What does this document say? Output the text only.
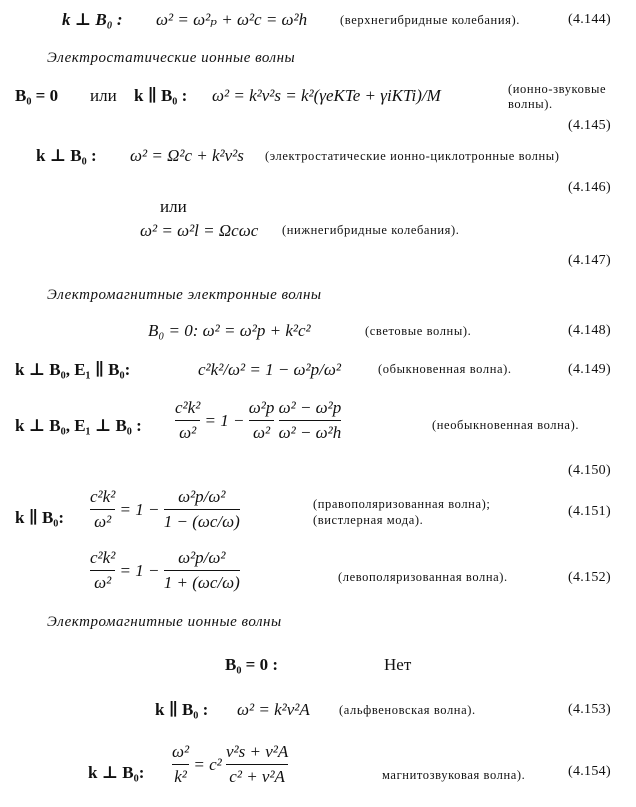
k ⊥ B₀ : ω² = ω²ₚ + ω²c = ω²h	(верхнегибридные колебания).	(4.144)
Электростатические ионные волны
B₀ = 0 или k ∥ B₀ : ω² = k²v²s = k²(γeKTe + γiKTi)/M	(ионно-звуковые
волны).
(4.145)
k ⊥ B₀ : ω² = Ω²c + k²v²s (электростатические ионно-циклотронные волны)
(4.146)
или
ω² = ω²l = Ωcωc (нижнегибридные колебания).
(4.147)
Электромагнитные электронные волны
B₀ = 0: ω² = ω²p + k²c²	(световые волны).	(4.148)
k ⊥ B₀, E₁ ∥ B₀:	c²k²/ω² = 1 − ω²p/ω²	(обыкновенная волна).	(4.149)
k ⊥ B₀, E₁ ⊥ B₀ : $\frac{\text{c²k²}}{\text{ω²}} = 1 - \frac{\text{ω²p}}{\text{ω²}}$
$\frac{\text{ω² − ω²p}}{\text{ω² − ω²h}}$	(необыкновенная волна).
(4.150)
k ∥ B₀: $\frac{\text{c²k²}}{\text{ω²}} = 1 - \frac{\text{ω²p/ω²}}{1 - (\omega c/\omega)}$	(правополяризованная волна);
(вистлерная мода).
(4.151)
$\frac{\text{c²k²}}{\text{ω²}} = 1 - \frac{\text{ω²p/ω²}}{1 + (\omega c/\omega)}$	(левополяризованная волна).	(4.152)
Электромагнитные ионные волны
B₀ = 0 :	Нет
k ∥ B₀ : ω² = k²v²A (альфвеновская волна).	(4.153)
k ⊥ B₀: $\frac{\text{ω²}}{\text{k²}} = c^2 \frac{\text{v²s + v²A}}{\text{c² + v²A}}$	магнитозвуковая волна).	(4.154)
